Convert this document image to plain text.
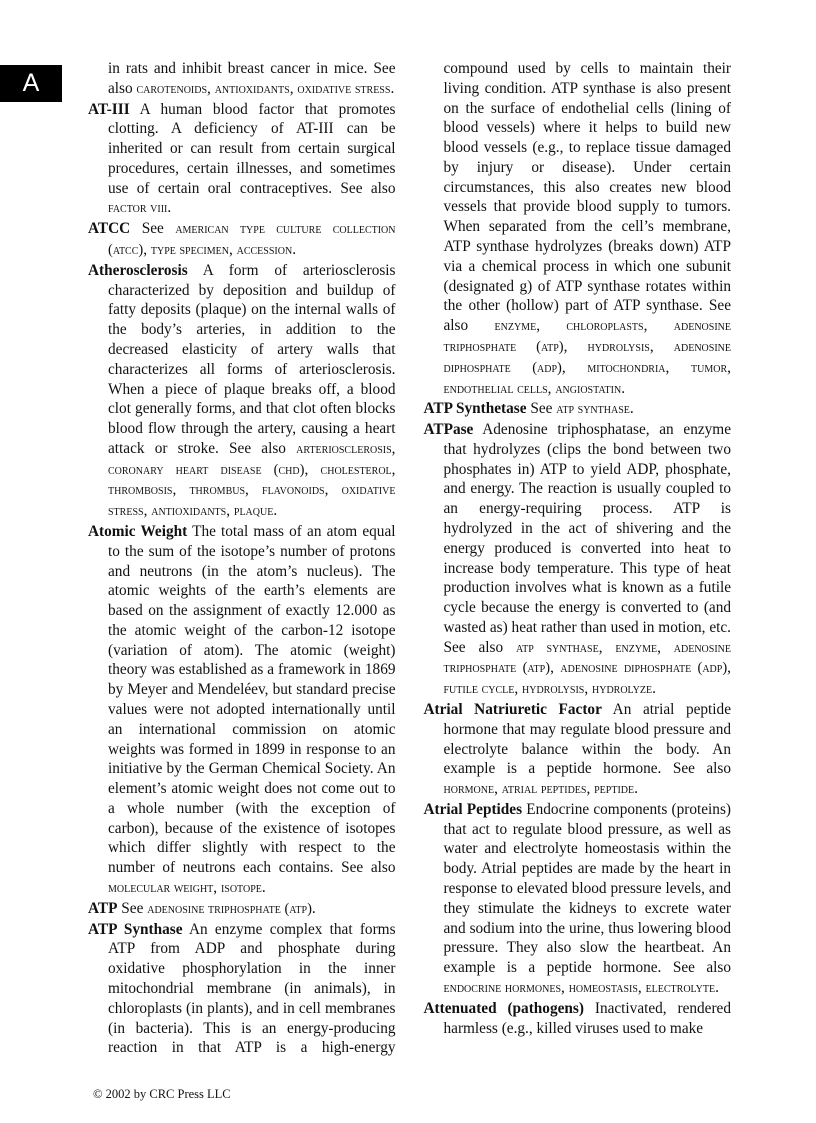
A

in rats and inhibit breast cancer in mice. See also carotenoids, antioxidants, oxidative stress.

AT-III A human blood factor that promotes clotting. A deficiency of AT-III can be inherited or can result from certain surgical procedures, certain illnesses, and sometimes use of certain oral contraceptives. See also factor viii.

ATCC See american type culture collection (atcc), type specimen, accession.

Atherosclerosis A form of arteriosclerosis characterized by deposition and buildup of fatty deposits (plaque) on the internal walls of the body’s arteries, in addition to the decreased elasticity of artery walls that characterizes all forms of arteriosclerosis. When a piece of plaque breaks off, a blood clot generally forms, and that clot often blocks blood flow through the artery, causing a heart attack or stroke. See also arteriosclerosis, coronary heart disease (chd), cholesterol, thrombosis, thrombus, flavonoids, oxidative stress, antioxidants, plaque.

Atomic Weight The total mass of an atom equal to the sum of the isotope’s number of protons and neutrons (in the atom’s nucleus). The atomic weights of the earth’s elements are based on the assignment of exactly 12.000 as the atomic weight of the carbon-12 isotope (variation of atom). The atomic (weight) theory was established as a framework in 1869 by Meyer and Mendeléev, but standard precise values were not adopted internationally until an international commission on atomic weights was formed in 1899 in response to an initiative by the German Chemical Society. An element’s atomic weight does not come out to a whole number (with the exception of carbon), because of the existence of isotopes which differ slightly with respect to the number of neutrons each contains. See also molecular weight, isotope.

ATP See adenosine triphosphate (atp).

ATP Synthase An enzyme complex that forms ATP from ADP and phosphate during oxidative phosphorylation in the inner mitochondrial membrane (in animals), in chloroplasts (in plants), and in cell membranes (in bacteria). This is an energy-producing reaction in that ATP is a high-energy compound used by cells to maintain their living condition. ATP synthase is also present on the surface of endothelial cells (lining of blood vessels) where it helps to build new blood vessels (e.g., to replace tissue damaged by injury or disease). Under certain circumstances, this also creates new blood vessels that provide blood supply to tumors. When separated from the cell’s membrane, ATP synthase hydrolyzes (breaks down) ATP via a chemical process in which one subunit (designated g) of ATP synthase rotates within the other (hollow) part of ATP synthase. See also enzyme, chloroplasts, adenosine triphosphate (atp), hydrolysis, adenosine diphosphate (adp), mitochondria, tumor, endothelial cells, angiostatin.

ATP Synthetase See atp synthase.

ATPase Adenosine triphosphatase, an enzyme that hydrolyzes (clips the bond between two phosphates in) ATP to yield ADP, phosphate, and energy. The reaction is usually coupled to an energy-requiring process. ATP is hydrolyzed in the act of shivering and the energy produced is converted into heat to increase body temperature. This type of heat production involves what is known as a futile cycle because the energy is converted to (and wasted as) heat rather than used in motion, etc. See also atp synthase, enzyme, adenosine triphosphate (atp), adenosine diphosphate (adp), futile cycle, hydrolysis, hydrolyze.

Atrial Natriuretic Factor An atrial peptide hormone that may regulate blood pressure and electrolyte balance within the body. An example is a peptide hormone. See also hormone, atrial peptides, peptide.

Atrial Peptides Endocrine components (proteins) that act to regulate blood pressure, as well as water and electrolyte homeostasis within the body. Atrial peptides are made by the heart in response to elevated blood pressure levels, and they stimulate the kidneys to excrete water and sodium into the urine, thus lowering blood pressure. They also slow the heartbeat. An example is a peptide hormone. See also endocrine hormones, homeostasis, electrolyte.

Attenuated (pathogens) Inactivated, rendered harmless (e.g., killed viruses used to make

© 2002 by CRC Press LLC
